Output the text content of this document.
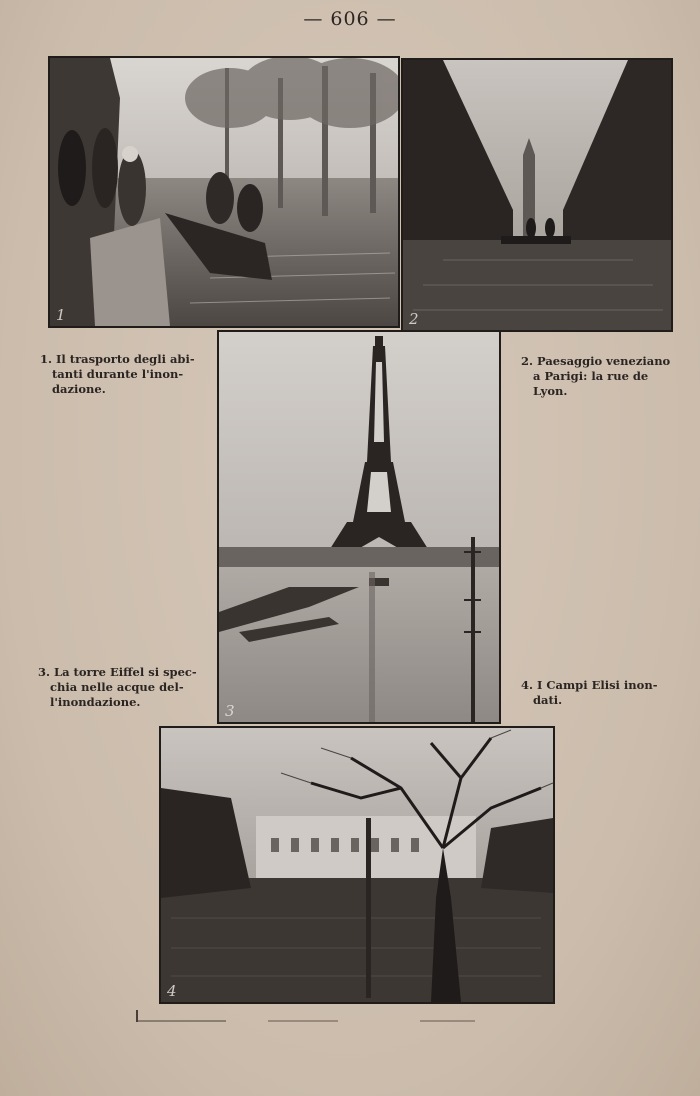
— 606 —
1	2
3
4
1. Il trasporto degli abi-
tanti durante l'inon-
dazione.
2. Paesaggio veneziano
a Parigi: la rue de
Lyon.
3. La torre Eiffel si spec-
chia nelle acque del-
l'inondazione.
4. I Campi Elisi inon-
dati.
